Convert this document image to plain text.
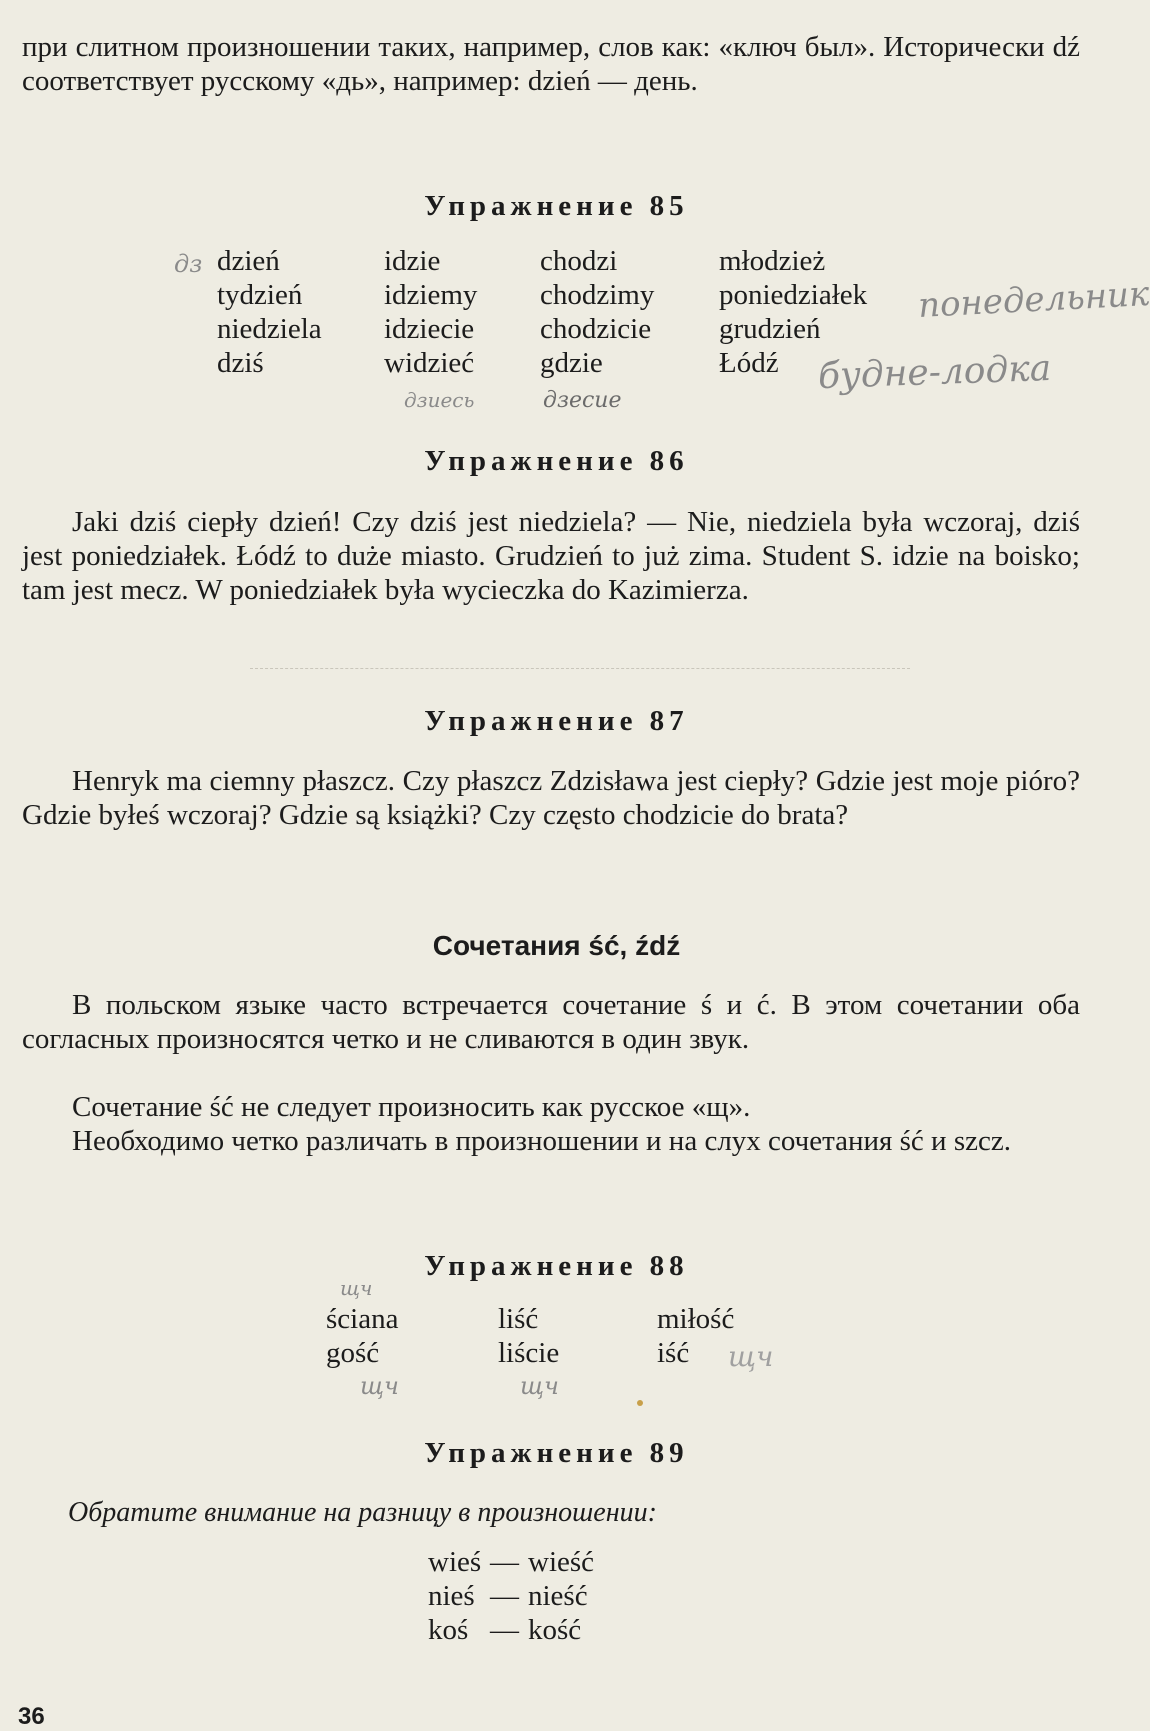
при слитном произношении таких, например, слов как: «ключ был». Исторически dź соответствует русскому «дь», например: dzień — день.

Упражнение 85
dzień
tydzień
niedziela
dziś
idzie
idziemy
idziecie
widzieć
chodzi
chodzimy
chodzicie
gdzie
młodzież
poniedziałek
grudzień
Łódź
дз
понедельник
будне-лодка
дзиесь	дзесие
Упражнение 86

Jaki dziś ciepły dzień! Czy dziś jest niedziela? — Nie, niedziela była wczoraj, dziś jest poniedziałek. Łódź to duże miasto. Grudzień to już zima. Student S. idzie na boisko; tam jest mecz. W poniedziałek była wycieczka do Kazimierza.

Упражнение 87

Henryk ma ciemny płaszcz. Czy płaszcz Zdzisława jest ciepły? Gdzie jest moje pióro? Gdzie byłeś wczoraj? Gdzie są książki? Czy często chodzicie do brata?

Сочетания ść, źdź

В польском языке часто встречается сочетание ś и ć. В этом сочетании оба согласных произносятся четко и не сливаются в один звук.

Сочетание ść не следует произносить как русское «щ».

Необходимо четко различать в произношении и на слух сочетания ść и szcz.

Упражнение 88
ściana
gość
liść
liście
miłość
iść
щч
щч	щч
щч
Упражнение 89

Обратите внимание на разницу в произношении:

wieś — wieść
nieś — nieść
koś — kość
36
